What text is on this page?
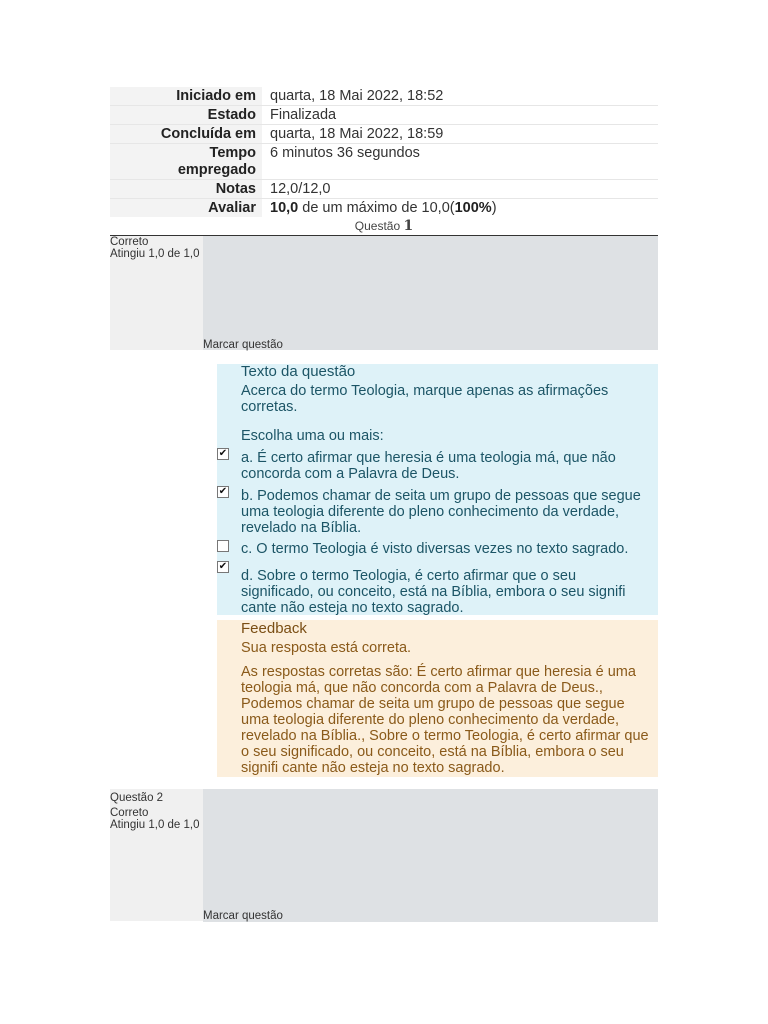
Iniciado em quarta, 18 Mai 2022, 18:52
Estado Finalizada
Concluída em quarta, 18 Mai 2022, 18:59
Tempo
empregado
6 minutos 36 segundos
Notas 12,0/12,0
Avaliar 10,0 de um máximo de 10,0(100%)
Questão 1
Correto
Atingiu 1,0 de 1,0
Marcar questão
Texto da questão
Acerca do termo Teologia, marque apenas as afirmações corretas.
Escolha uma ou mais:
✔ a. É certo afirmar que heresia é uma teologia má, que não concorda com a Palavra de Deus.
✔ b. Podemos chamar de seita um grupo de pessoas que segue uma teologia diferente do pleno conhecimento da verdade, revelado na Bíblia.
c. O termo Teologia é visto diversas vezes no texto sagrado.
✔
d. Sobre o termo Teologia, é certo afirmar que o seu significado, ou conceito, está na Bíblia, embora o seu signifi cante não esteja no texto sagrado.
Feedback
Sua resposta está correta.
As respostas corretas são: É certo afirmar que heresia é uma teologia má, que não concorda com a Palavra de Deus., Podemos chamar de seita um grupo de pessoas que segue uma teologia diferente do pleno conhecimento da verdade, revelado na Bíblia., Sobre o termo Teologia, é certo afirmar que o seu significado, ou conceito, está na Bíblia, embora o seu signifi cante não esteja no texto sagrado.
Questão 2
Correto
Atingiu 1,0 de 1,0
Marcar questão
